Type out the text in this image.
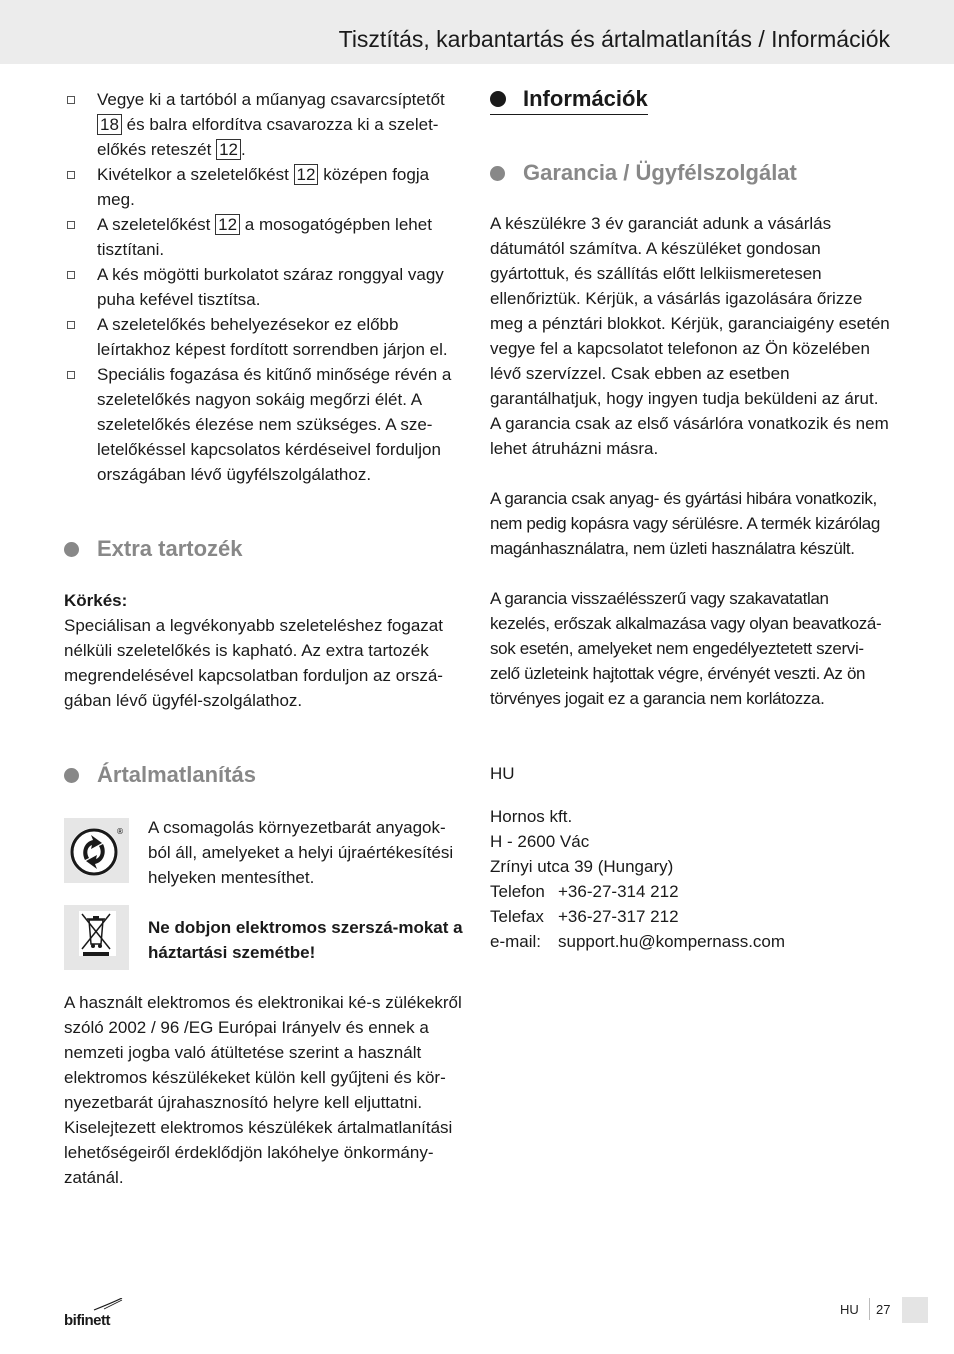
Tisztítás, karbantartás és ártalmatlanítás / Információk
Vegye ki a tartóból a műanyag csavarcsíptetőt 18 és balra elfordítva csavarozza ki a szelet-előkés reteszét 12 .
Kivételkor a szeletelőkést 12 középen fogja meg.
A szeletelőkést 12 a mosogatógépben lehet tisztítani.
A kés mögötti burkolatot száraz ronggyal vagy puha kefével tisztítsa.
A szeletelőkés behelyezésekor ez előbb leírtakhoz képest fordított sorrendben járjon el.
Speciális fogazása és kitűnő minősége révén a szeletelőkés nagyon sokáig megőrzi élét. A szeletelőkés élezése nem szükséges. A sze-letelőkéssel kapcsolatos kérdéseivel forduljon országában lévő ügyfélszolgálathoz.
Extra tartozék
Körkés:
Speciálisan a legvékonyabb szeleteléshez fogazat nélküli szeletelőkés is kapható. Az extra tartozék megrendelésével kapcsolatban forduljon az orszá-gában lévő ügyfél-szolgálathoz.
Ártalmatlanítás
® A csomagolás környezetbarát anyagok-ból áll, amelyeket a helyi újraértékesítési helyeken mentesíthet.
Ne dobjon elektromos szerszá-mokat a háztartási szemétbe!
A használt elektromos és elektronikai ké-s zülékekről szóló 2002 / 96 /EG Európai Irányelv és ennek a nemzeti jogba való átültetése szerint a használt elektromos készülékeket külön kell gyűjteni és kör-nyezetbarát újrahasznosító helyre kell eljuttatni. Kiselejtezett elektromos készülékek ártalmatlanítási lehetőségeiről érdeklődjön lakóhelye önkormány-zatánál.
Információk
Garancia / Ügyfélszolgálat
A készülékre 3 év garanciát adunk a vásárlás dátumától számítva. A készüléket gondosan gyártottuk, és szállítás előtt lelkiismeretesen ellenőriztük. Kérjük, a vásárlás igazolására őrizze meg a pénztári blokkot. Kérjük, garanciaigény esetén vegye fel a kapcsolatot telefonon az Ön közelében lévő szervízzel. Csak ebben az esetben garantálhatjuk, hogy ingyen tudja beküldeni az árut. A garancia csak az első vásárlóra vonatkozik és nem lehet átruházni másra.
A garancia csak anyag- és gyártási hibára vonatkozik, nem pedig kopásra vagy sérülésre. A termék kizárólag magánhasználatra, nem üzleti használatra készült.
A garancia visszaélésszerű vagy szakavatatlan kezelés, erőszak alkalmazása vagy olyan beavatkozá-sok esetén, amelyeket nem engedélyeztetett szervi-zelő üzleteink hajtottak végre, érvényét veszti. Az ön törvényes jogait ez a garancia nem korlátozza.
HU
Hornos kft.
H - 2600 Vác
Zrínyi utca 39 (Hungary)
Telefon +36-27-314 212
Telefax +36-27-317 212
e-mail: support.hu@kompernass.com
bifinett
HU 27
